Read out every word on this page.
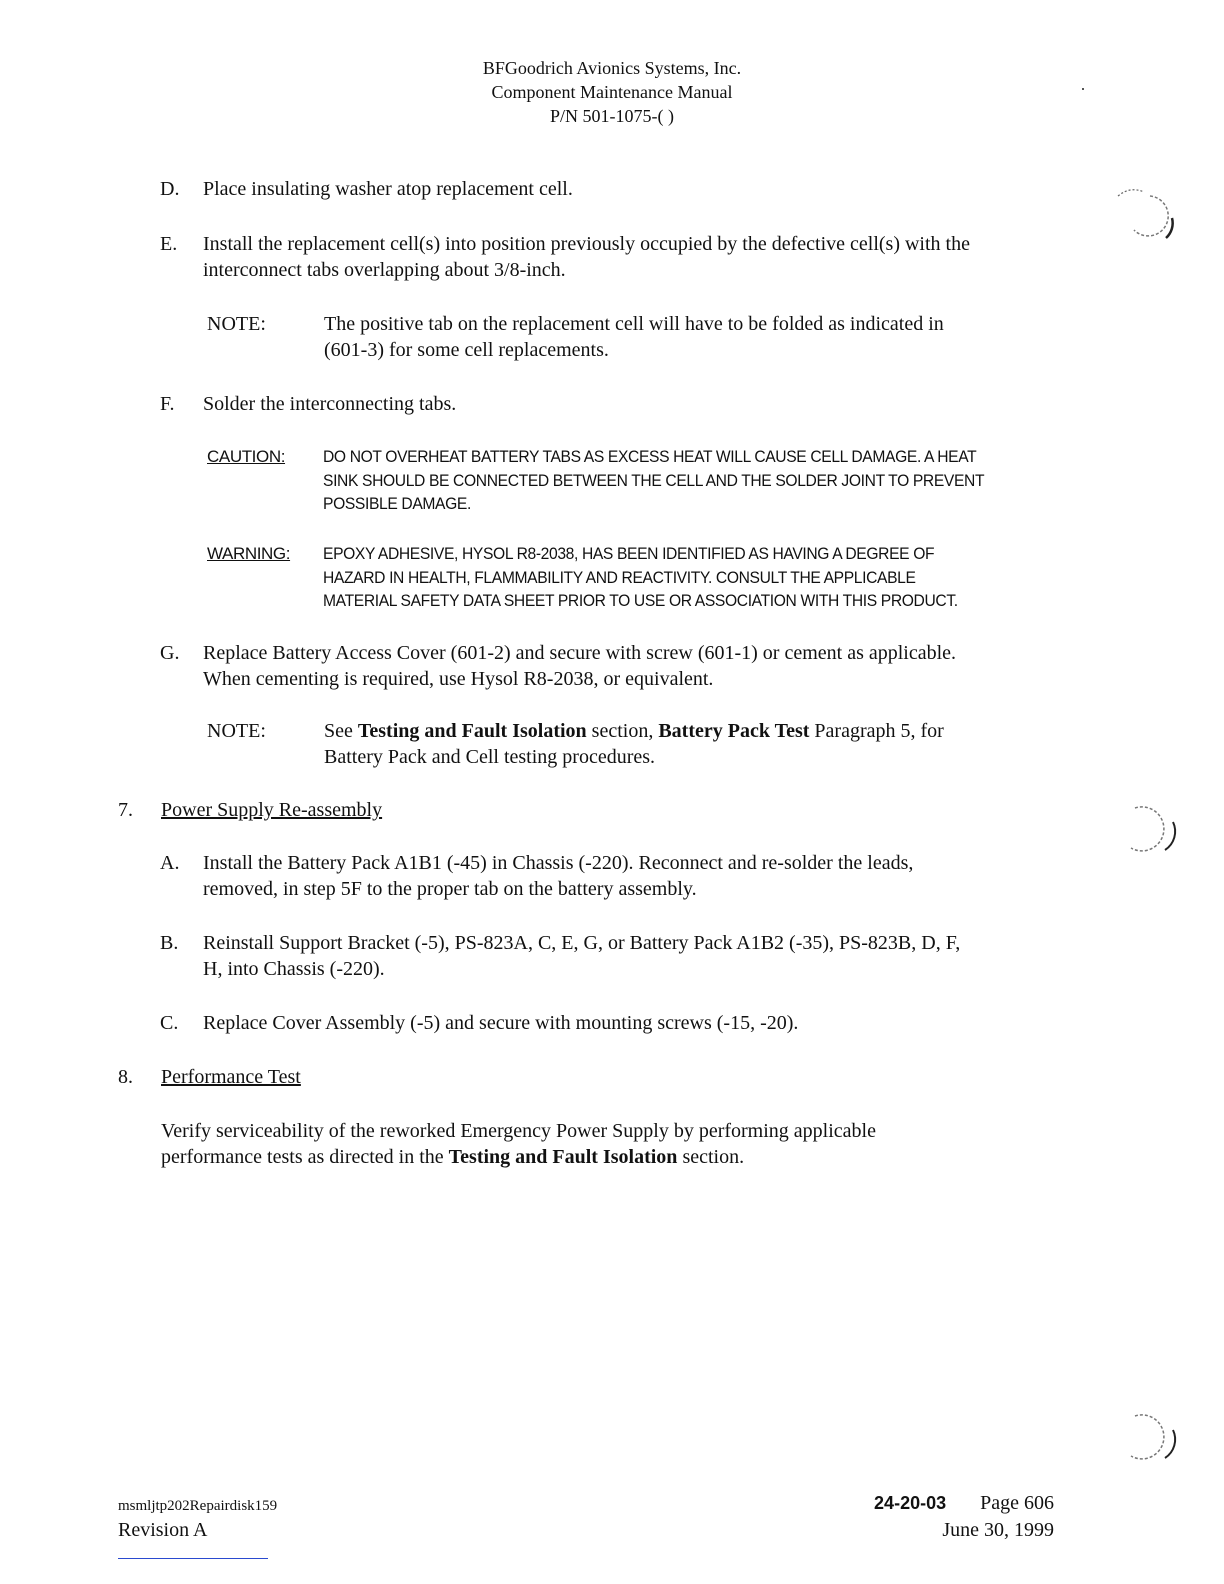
BFGoodrich Avionics Systems, Inc.
Component Maintenance Manual
P/N 501-1075-( )
D. Place insulating washer atop replacement cell.
E. Install the replacement cell(s) into position previously occupied by the defective cell(s) with the
interconnect tabs overlapping about 3/8-inch.
NOTE:	The positive tab on the replacement cell will have to be folded as indicated in
(601-3) for some cell replacements.
F. Solder the interconnecting tabs.
CAUTION: DO NOT OVERHEAT BATTERY TABS AS EXCESS HEAT WILL CAUSE CELL DAMAGE. A HEAT
SINK SHOULD BE CONNECTED BETWEEN THE CELL AND THE SOLDER JOINT TO PREVENT
POSSIBLE DAMAGE.
WARNING: EPOXY ADHESIVE, HYSOL R8-2038, HAS BEEN IDENTIFIED AS HAVING A DEGREE OF
HAZARD IN HEALTH, FLAMMABILITY AND REACTIVITY. CONSULT THE APPLICABLE
MATERIAL SAFETY DATA SHEET PRIOR TO USE OR ASSOCIATION WITH THIS PRODUCT.
G. Replace Battery Access Cover (601-2) and secure with screw (601-1) or cement as applicable.
When cementing is required, use Hysol R8-2038, or equivalent.
NOTE:	See Testing and Fault Isolation section, Battery Pack Test Paragraph 5, for
Battery Pack and Cell testing procedures.
7. Power Supply Re-assembly
A. Install the Battery Pack A1B1 (-45) in Chassis (-220). Reconnect and re-solder the leads,
removed, in step 5F to the proper tab on the battery assembly.
B. Reinstall Support Bracket (-5), PS-823A, C, E, G, or Battery Pack A1B2 (-35), PS-823B, D, F,
H, into Chassis (-220).
C. Replace Cover Assembly (-5) and secure with mounting screws (-15, -20).
8. Performance Test
Verify serviceability of the reworked Emergency Power Supply by performing applicable
performance tests as directed in the Testing and Fault Isolation section.
msmljtp202Repairdisk159
Revision A
24-20-03 Page 606
June 30, 1999
